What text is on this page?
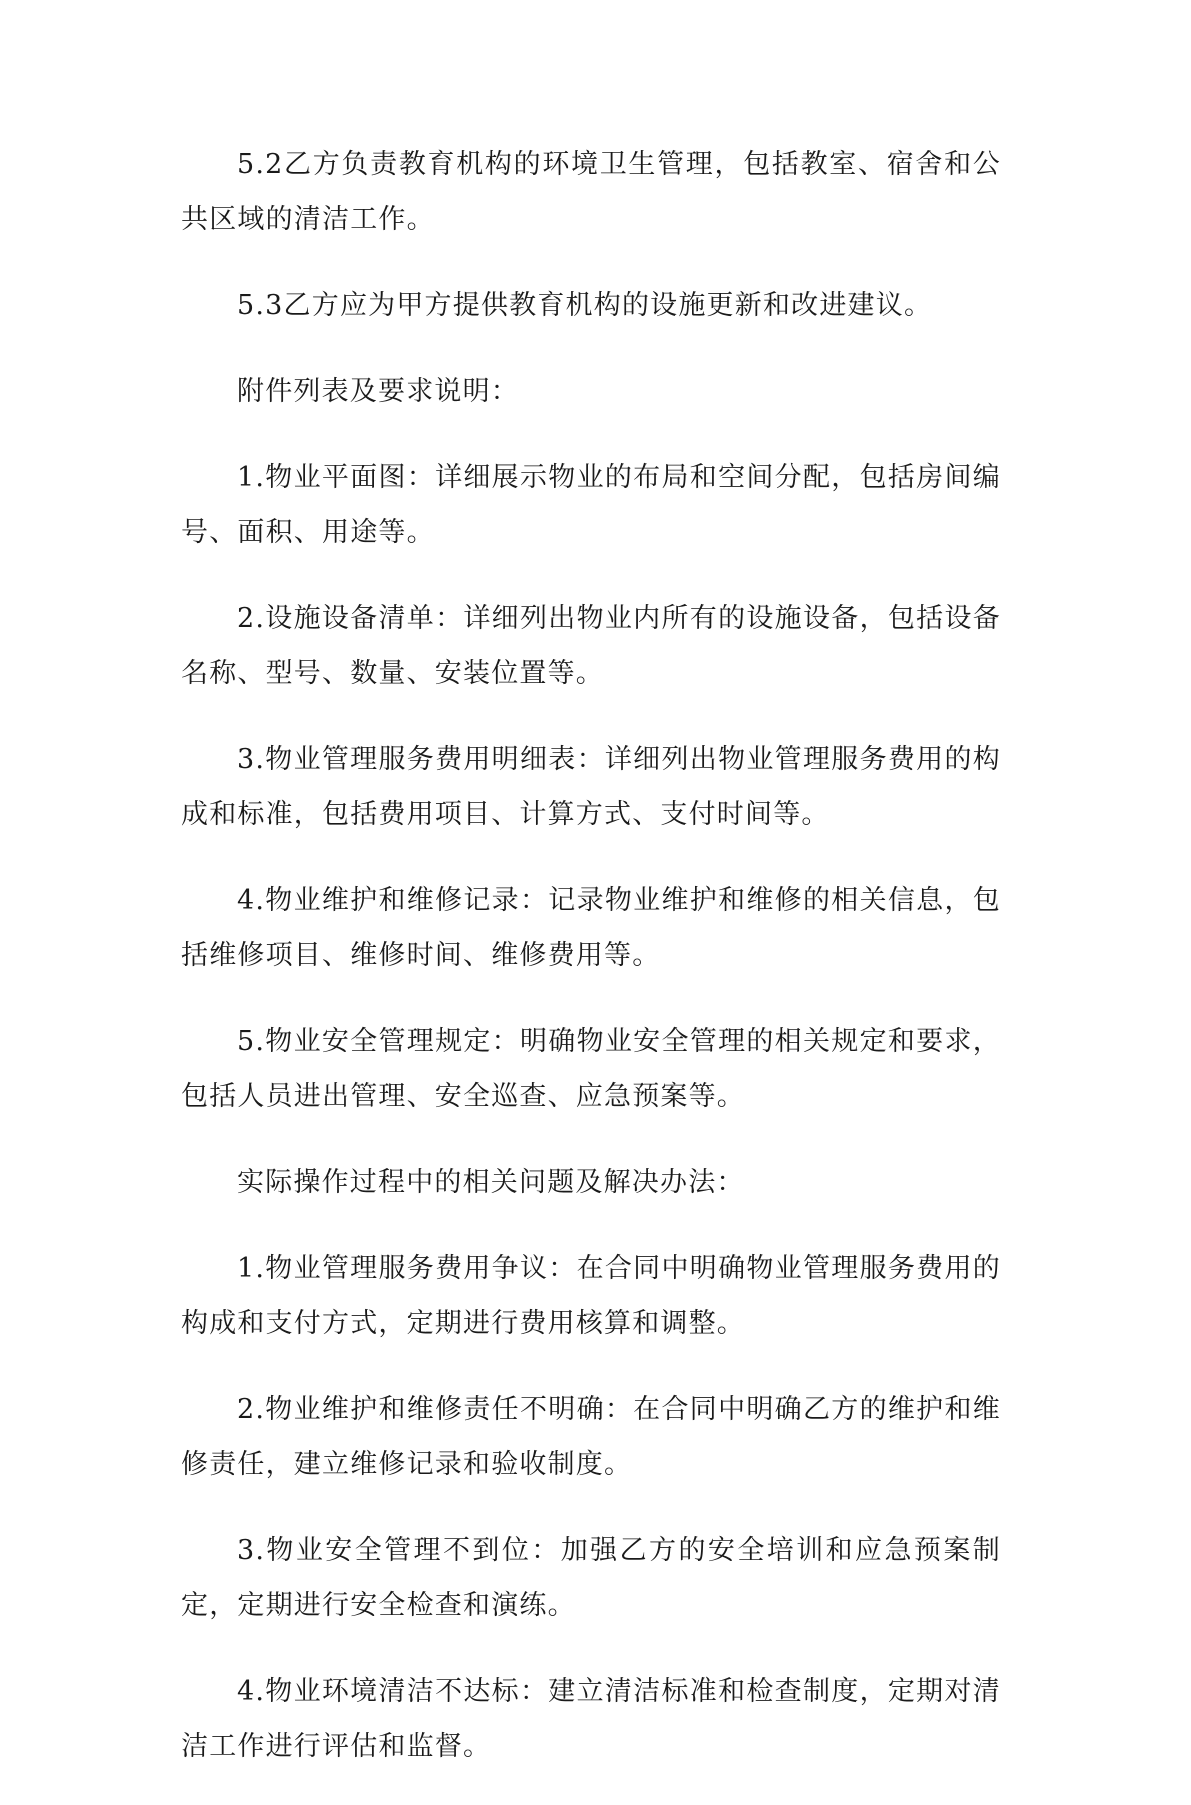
5.2乙方负责教育机构的环境卫生管理，包括教室、宿舍和公共区域的清洁工作。

5.3乙方应为甲方提供教育机构的设施更新和改进建议。

附件列表及要求说明：

1.物业平面图：详细展示物业的布局和空间分配，包括房间编号、面积、用途等。

2.设施设备清单：详细列出物业内所有的设施设备，包括设备名称、型号、数量、安装位置等。

3.物业管理服务费用明细表：详细列出物业管理服务费用的构成和标准，包括费用项目、计算方式、支付时间等。

4.物业维护和维修记录：记录物业维护和维修的相关信息，包括维修项目、维修时间、维修费用等。

5.物业安全管理规定：明确物业安全管理的相关规定和要求，包括人员进出管理、安全巡查、应急预案等。

实际操作过程中的相关问题及解决办法：

1.物业管理服务费用争议：在合同中明确物业管理服务费用的构成和支付方式，定期进行费用核算和调整。

2.物业维护和维修责任不明确：在合同中明确乙方的维护和维修责任，建立维修记录和验收制度。

3.物业安全管理不到位：加强乙方的安全培训和应急预案制定，定期进行安全检查和演练。

4.物业环境清洁不达标：建立清洁标准和检查制度，定期对清洁工作进行评估和监督。
